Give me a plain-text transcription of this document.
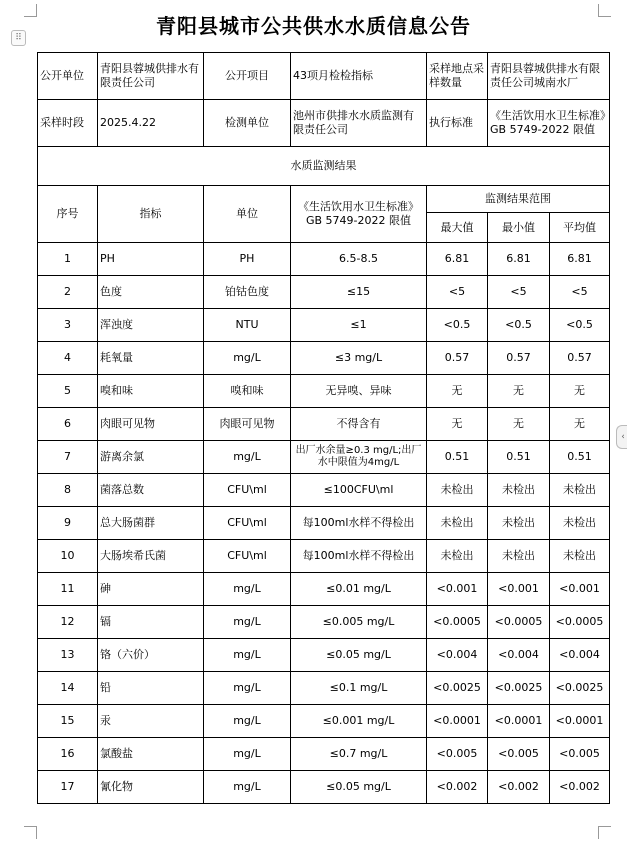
⠿
‹
青阳县城市公共供水水质信息公告
公开单位	青阳县蓉城供排水有限责任公司	公开项目	43项月检检指标	采样地点采样数量	青阳县蓉城供排水有限责任公司城南水厂	
采样时段	2025.4.22	检测单位	池州市供排水水质监测有限责任公司	执行标准	《生活饮用水卫生标准》GB 5749-2022 限值	
水质监测结果						
序号	指标	单位	《生活饮用水卫生标准》GB 5749-2022 限值	监测结果范围		
				最大值	最小值	平均值
1	PH	PH	6.5-8.5	6.81	6.81	6.81
2	色度	铂钴色度	≤15	<5	<5	<5
3	浑浊度	NTU	≤1	<0.5	<0.5	<0.5
4	耗氧量	mg/L	≤3 mg/L	0.57	0.57	0.57
5	嗅和味	嗅和味	无异嗅、异味	无	无	无
6	肉眼可见物	肉眼可见物	不得含有	无	无	无
7	游离余氯	mg/L	出厂水余量≥0.3 mg/L;出厂水中限值为4mg/L	0.51	0.51	0.51
8	菌落总数	CFU\ml	≤100CFU\ml	未检出	未检出	未检出
9	总大肠菌群	CFU\ml	每100ml水样不得检出	未检出	未检出	未检出
10	大肠埃希氏菌	CFU\ml	每100ml水样不得检出	未检出	未检出	未检出
11	砷	mg/L	≤0.01 mg/L	<0.001	<0.001	<0.001
12	镉	mg/L	≤0.005 mg/L	<0.0005	<0.0005	<0.0005
13	铬（六价）	mg/L	≤0.05 mg/L	<0.004	<0.004	<0.004
14	铅	mg/L	≤0.1 mg/L	<0.0025	<0.0025	<0.0025
15	汞	mg/L	≤0.001 mg/L	<0.0001	<0.0001	<0.0001
16	氯酸盐	mg/L	≤0.7 mg/L	<0.005	<0.005	<0.005
17	氰化物	mg/L	≤0.05 mg/L	<0.002	<0.002	<0.002
